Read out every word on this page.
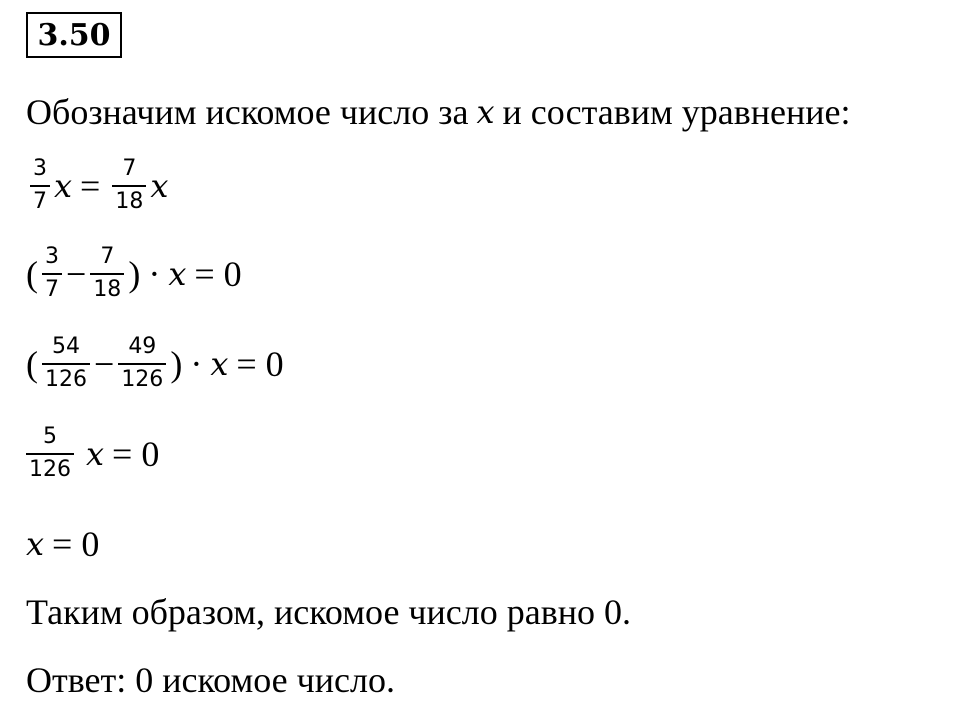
3.50
Обозначим искомое число за x и составим уравнение:
$\frac{3}{7}$ $x = \frac{7}{18}$ x
( $\frac{3}{7} - \frac{7}{18}$ ) · x = 0
( $\frac{54}{126} - \frac{49}{126}$ ) · x = 0
$\frac{5}{126}$ x = 0
x = 0
Таким образом, искомое число равно 0.
Ответ: 0 искомое число.
